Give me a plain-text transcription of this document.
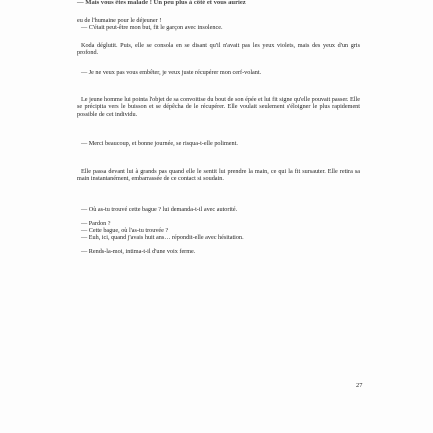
— Mais vous êtes malade ! Un peu plus à côté et vous auriez

eu de l'humaine pour le déjeuner !

— C'était peut-être mon but, fit le garçon avec insolence.

Koda déglutit. Puis, elle se consola en se disant qu'il n'avait pas les yeux violets, mais des yeux d'un gris profond.

— Je ne veux pas vous embêter, je veux juste récupérer mon cerf-volant.

Le jeune homme lui pointa l'objet de sa convoitise du bout de son épée et lui fit signe qu'elle pouvait passer. Elle se précipita vers le buisson et se dépêcha de le récupérer. Elle voulait seulement s'éloigner le plus rapidement possible de cet individu.

— Merci beaucoup, et bonne journée, se risqua-t-elle poliment.

Elle passa devant lui à grands pas quand elle le sentit lui prendre la main, ce qui la fit sursauter. Elle retira sa main instantanément, embarrassée de ce contact si soudain.

— Où as-tu trouvé cette bague ? lui demanda-t-il avec autorité.

— Pardon ?

— Cette bague, où l'as-tu trouvée ?

— Euh, ici, quand j'avais huit ans… répondit-elle avec hésitation.

— Rends-la-moi, intima-t-il d'une voix ferme.

27
